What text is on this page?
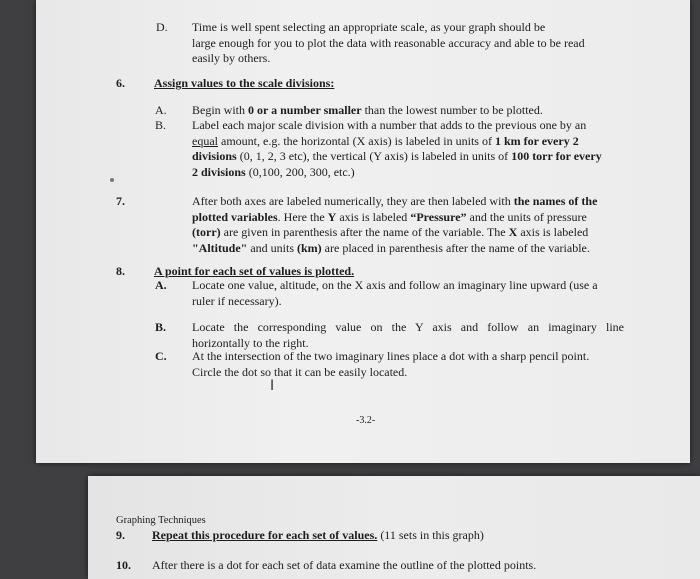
D. Time is well spent selecting an appropriate scale, as your graph should be
large enough for you to plot the data with reasonable accuracy and able to be read
easily by others.
6. Assign values to the scale divisions:
A. Begin with 0 or a number smaller than the lowest number to be plotted.
B. Label each major scale division with a number that adds to the previous one by an
equal amount, e.g. the horizontal (X axis) is labeled in units of 1 km for every 2
divisions (0, 1, 2, 3 etc), the vertical (Y axis) is labeled in units of 100 torr for every
2 divisions (0,100, 200, 300, etc.)
7.	After both axes are labeled numerically, they are then labeled with the names of the
plotted variables. Here the Y axis is labeled “Pressure” and the units of pressure
(torr) are given in parenthesis after the name of the variable. The X axis is labeled
"Altitude" and units (km) are placed in parenthesis after the name of the variable.
8. A point for each set of values is plotted.
A. Locate one value, altitude, on the X axis and follow an imaginary line upward (use a
ruler if necessary).
B. Locate the corresponding value on the Y axis and follow an imaginary line
horizontally to the right.
C. At the intersection of the two imaginary lines place a dot with a sharp pencil point.
Circle the dot so that it can be easily located.
I
-3.2-
Graphing Techniques
9. Repeat this procedure for each set of values. (11 sets in this graph)
10. After there is a dot for each set of data examine the outline of the plotted points.
